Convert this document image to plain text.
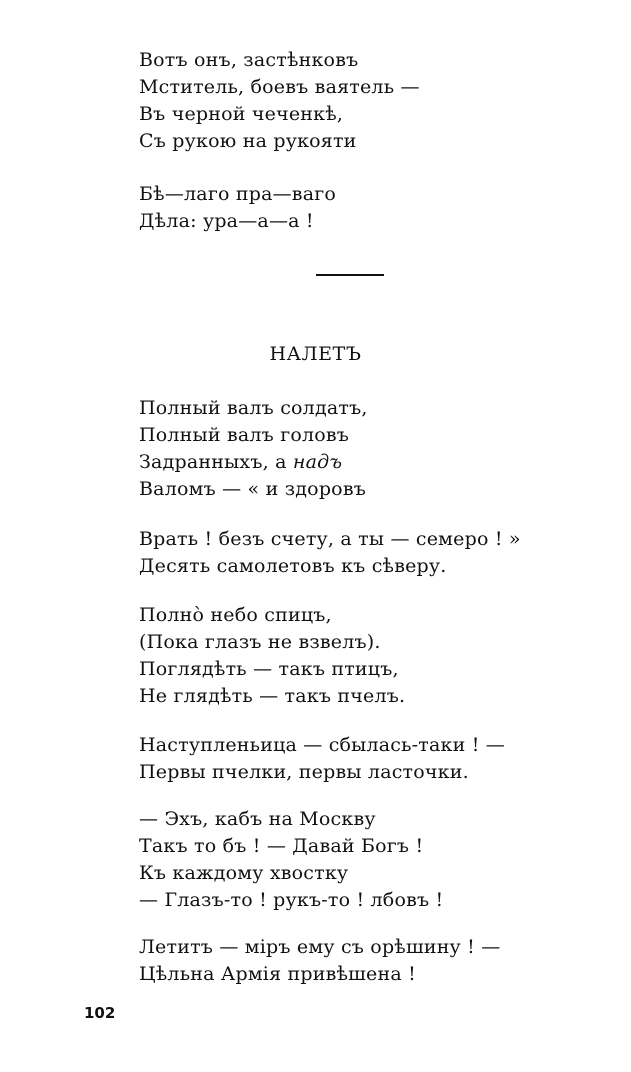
Вотъ онъ, застѣнковъ
Мститель, боевъ ваятель —
Въ черной чеченкѣ,
Съ рукою на рукояти
Бѣ—лаго пра—ваго
Дѣла: ура—а—а !
НАЛЕТЪ
Полный валъ солдатъ,
Полный валъ головъ
Задранныхъ, а надъ
Валомъ — « и здоровъ
Врать ! безъ счету, а ты — семеро ! »
Десять самолетовъ къ сѣверу.
Полно̀ небо спицъ,
(Пока глазъ не взвелъ).
Поглядѣть — такъ птицъ,
Не глядѣть — такъ пчелъ.
Наступленьица — сбылась-таки ! —
Первы пчелки, первы ласточки.
— Эхъ, кабъ на Москву
Такъ то бъ ! — Давай Богъ !
Къ каждому хвостку
— Глазъ-то ! рукъ-то ! лбовъ !
Летитъ — міръ ему съ орѣшину ! —
Цѣльна Армія привѣшена !
102
